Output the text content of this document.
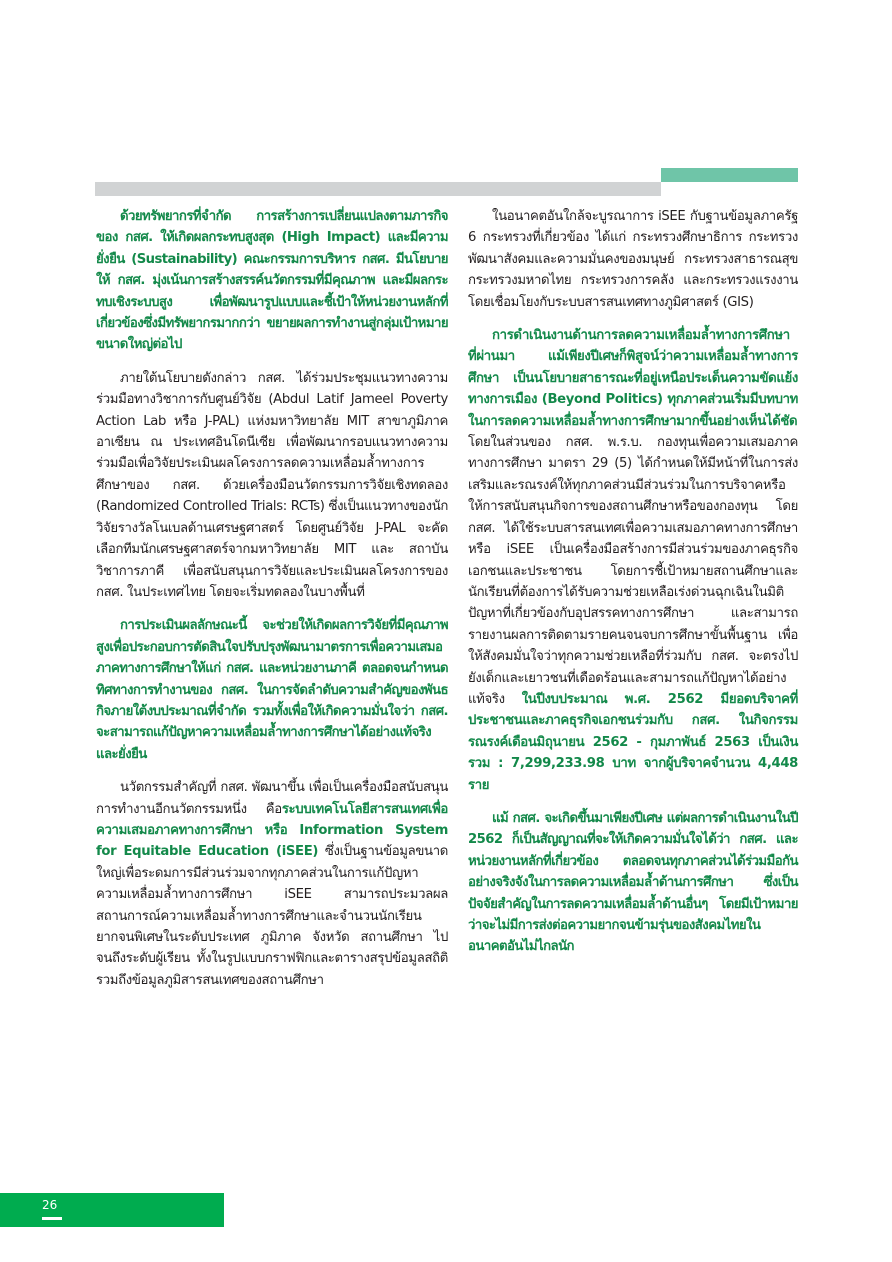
ด้วยทรัพยากรที่จำกัด การสร้างการเปลี่ยนแปลงตามภารกิจของ กสศ. ให้เกิดผลกระทบสูงสุด (High Impact) และมีความยั่งยืน (Sustainability) คณะกรรมการบริหาร กสศ. มีนโยบายให้ กสศ. มุ่งเน้นการสร้างสรรค์นวัตกรรมที่มีคุณภาพ และมีผลกระทบเชิงระบบสูง เพื่อพัฒนารูปแบบและชี้เป้าให้หน่วยงานหลักที่เกี่ยวข้องซึ่งมีทรัพยากรมากกว่า ขยายผลการทำงานสู่กลุ่มเป้าหมายขนาดใหญ่ต่อไป

ภายใต้นโยบายดังกล่าว กสศ. ได้ร่วมประชุมแนวทางความร่วมมือทางวิชาการกับศูนย์วิจัย (Abdul Latif Jameel Poverty Action Lab หรือ J-PAL) แห่งมหาวิทยาลัย MIT สาขาภูมิภาคอาเซียน ณ ประเทศอินโดนีเซีย เพื่อพัฒนากรอบแนวทางความร่วมมือเพื่อวิจัยประเมินผลโครงการลดความเหลื่อมล้ำทางการศึกษาของ กสศ. ด้วยเครื่องมือนวัตกรรมการวิจัยเชิงทดลอง (Randomized Controlled Trials: RCTs) ซึ่งเป็นแนวทางของนักวิจัยรางวัลโนเบลด้านเศรษฐศาสตร์ โดยศูนย์วิจัย J-PAL จะคัดเลือกทีมนักเศรษฐศาสตร์จากมหาวิทยาลัย MIT และ สถาบันวิชาการภาคี เพื่อสนับสนุนการวิจัยและประเมินผลโครงการของ กสศ. ในประเทศไทย โดยจะเริ่มทดลองในบางพื้นที่

การประเมินผลลักษณะนี้ จะช่วยให้เกิดผลการวิจัยที่มีคุณภาพสูงเพื่อประกอบการตัดสินใจปรับปรุงพัฒนามาตรการเพื่อความเสมอภาคทางการศึกษาให้แก่ กสศ. และหน่วยงานภาคี ตลอดจนกำหนดทิศทางการทำงานของ กสศ. ในการจัดลำดับความสำคัญของพันธกิจภายใต้งบประมาณที่จำกัด รวมทั้งเพื่อให้เกิดความมั่นใจว่า กสศ. จะสามารถแก้ปัญหาความเหลื่อมล้ำทางการศึกษาได้อย่างแท้จริงและยั่งยืน

นวัตกรรมสำคัญที่ กสศ. พัฒนาขึ้น เพื่อเป็นเครื่องมือสนับสนุนการทำงานอีกนวัตกรรมหนึ่ง คือระบบเทคโนโลยีสารสนเทศเพื่อความเสมอภาคทางการศึกษา หรือ Information System for Equitable Education (iSEE) ซึ่งเป็นฐานข้อมูลขนาดใหญ่เพื่อระดมการมีส่วนร่วมจากทุกภาคส่วนในการแก้ปัญหาความเหลื่อมล้ำทางการศึกษา iSEE สามารถประมวลผลสถานการณ์ความเหลื่อมล้ำทางการศึกษาและจำนวนนักเรียนยากจนพิเศษในระดับประเทศ ภูมิภาค จังหวัด สถานศึกษา ไปจนถึงระดับผู้เรียน ทั้งในรูปแบบกราฟฟิกและตารางสรุปข้อมูลสถิติ รวมถึงข้อมูลภูมิสารสนเทศของสถานศึกษา

ในอนาคตอันใกล้จะบูรณาการ iSEE กับฐานข้อมูลภาครัฐ 6 กระทรวงที่เกี่ยวข้อง ได้แก่ กระทรวงศึกษาธิการ กระทรวงพัฒนาสังคมและความมั่นคงของมนุษย์ กระทรวงสาธารณสุข กระทรวงมหาดไทย กระทรวงการคลัง และกระทรวงแรงงาน โดยเชื่อมโยงกับระบบสารสนเทศทางภูมิศาสตร์ (GIS)

การดำเนินงานด้านการลดความเหลื่อมล้ำทางการศึกษาที่ผ่านมา แม้เพียงปีเศษก็พิสูจน์ว่าความเหลื่อมล้ำทางการศึกษา เป็นนโยบายสาธารณะที่อยู่เหนือประเด็นความขัดแย้งทางการเมือง (Beyond Politics) ทุกภาคส่วนเริ่มมีบทบาทในการลดความเหลื่อมล้ำทางการศึกษามากขึ้นอย่างเห็นได้ชัด โดยในส่วนของ กสศ. พ.ร.บ. กองทุนเพื่อความเสมอภาคทางการศึกษา มาตรา 29 (5) ได้กำหนดให้มีหน้าที่ในการส่งเสริมและรณรงค์ให้ทุกภาคส่วนมีส่วนร่วมในการบริจาคหรือให้การสนับสนุนกิจการของสถานศึกษาหรือของกองทุน โดย กสศ. ได้ใช้ระบบสารสนเทศเพื่อความเสมอภาคทางการศึกษาหรือ iSEE เป็นเครื่องมือสร้างการมีส่วนร่วมของภาคธุรกิจเอกชนและประชาชน โดยการชี้เป้าหมายสถานศึกษาและนักเรียนที่ต้องการได้รับความช่วยเหลือเร่งด่วนฉุกเฉินในมิติปัญหาที่เกี่ยวข้องกับอุปสรรคทางการศึกษา และสามารถรายงานผลการติดตามรายคนจนจบการศึกษาขั้นพื้นฐาน เพื่อให้สังคมมั่นใจว่าทุกความช่วยเหลือที่ร่วมกับ กสศ. จะตรงไปยังเด็กและเยาวชนที่เดือดร้อนและสามารถแก้ปัญหาได้อย่างแท้จริง ในปีงบประมาณ พ.ศ. 2562 มียอดบริจาคที่ประชาชนและภาคธุรกิจเอกชนร่วมกับ กสศ. ในกิจกรรมรณรงค์เดือนมิถุนายน 2562 - กุมภาพันธ์ 2563 เป็นเงินรวม : 7,299,233.98 บาท จากผู้บริจาคจำนวน 4,448 ราย

แม้ กสศ. จะเกิดขึ้นมาเพียงปีเศษ แต่ผลการดำเนินงานในปี 2562 ก็เป็นสัญญาณที่จะให้เกิดความมั่นใจได้ว่า กสศ. และหน่วยงานหลักที่เกี่ยวข้อง ตลอดจนทุกภาคส่วนได้ร่วมมือกันอย่างจริงจังในการลดความเหลื่อมล้ำด้านการศึกษา ซึ่งเป็นปัจจัยสำคัญในการลดความเหลื่อมล้ำด้านอื่นๆ โดยมีเป้าหมายว่าจะไม่มีการส่งต่อความยากจนข้ามรุ่นของสังคมไทยในอนาคตอันไม่ไกลนัก

26
